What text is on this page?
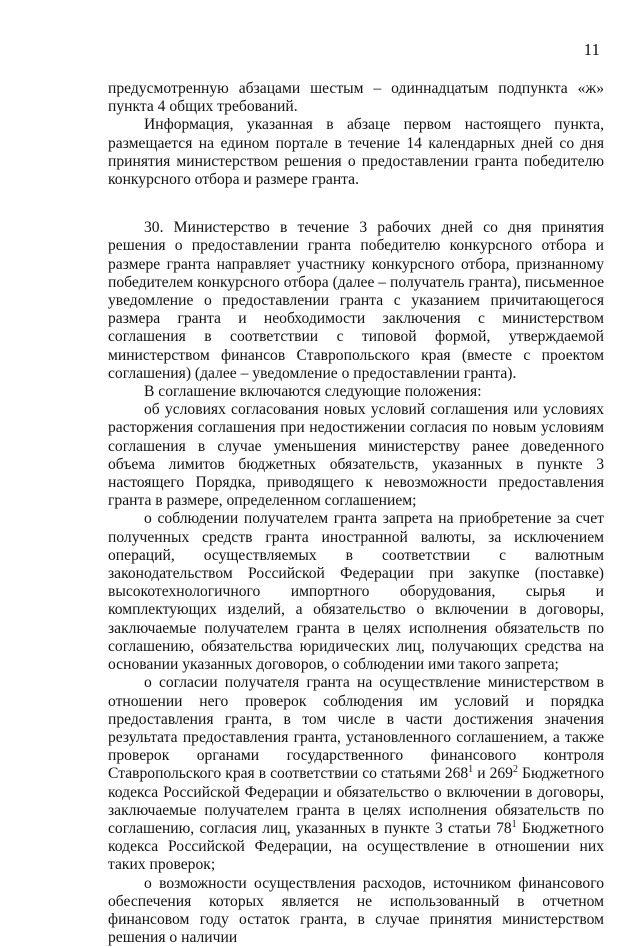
11

предусмотренную абзацами шестым – одиннадцатым подпункта «ж» пункта 4 общих требований.

Информация, указанная в абзаце первом настоящего пункта, размещается на едином портале в течение 14 календарных дней со дня принятия министерством решения о предоставлении гранта победителю конкурсного отбора и размере гранта.

30. Министерство в течение 3 рабочих дней со дня принятия решения о предоставлении гранта победителю конкурсного отбора и размере гранта направляет участнику конкурсного отбора, признанному победителем конкурсного отбора (далее – получатель гранта), письменное уведомление о предоставлении гранта с указанием причитающегося размера гранта и необходимости заключения с министерством соглашения в соответствии с типовой формой, утверждаемой министерством финансов Ставропольского края (вместе с проектом соглашения) (далее – уведомление о предоставлении гранта).

В соглашение включаются следующие положения:

об условиях согласования новых условий соглашения или условиях расторжения соглашения при недостижении согласия по новым условиям соглашения в случае уменьшения министерству ранее доведенного объема лимитов бюджетных обязательств, указанных в пункте 3 настоящего Порядка, приводящего к невозможности предоставления гранта в размере, определенном соглашением;

о соблюдении получателем гранта запрета на приобретение за счет полученных средств гранта иностранной валюты, за исключением операций, осуществляемых в соответствии с валютным законодательством Российской Федерации при закупке (поставке) высокотехнологичного импортного оборудования, сырья и комплектующих изделий, а обязательство о включении в договоры, заключаемые получателем гранта в целях исполнения обязательств по соглашению, обязательства юридических лиц, получающих средства на основании указанных договоров, о соблюдении ими такого запрета;

о согласии получателя гранта на осуществление министерством в отношении него проверок соблюдения им условий и порядка предоставления гранта, в том числе в части достижения значения результата предоставления гранта, установленного соглашением, а также проверок органами государственного финансового контроля Ставропольского края в соответствии со статьями $268^1$ и $269^2$ Бюджетного кодекса Российской Федерации и обязательство о включении в договоры, заключаемые получателем гранта в целях исполнения обязательств по соглашению, согласия лиц, указанных в пункте 3 статьи $78^1$ Бюджетного кодекса Российской Федерации, на осуществление в отношении них таких проверок;

о возможности осуществления расходов, источником финансового обеспечения которых является не использованный в отчетном финансовом году остаток гранта, в случае принятия министерством решения о наличии
